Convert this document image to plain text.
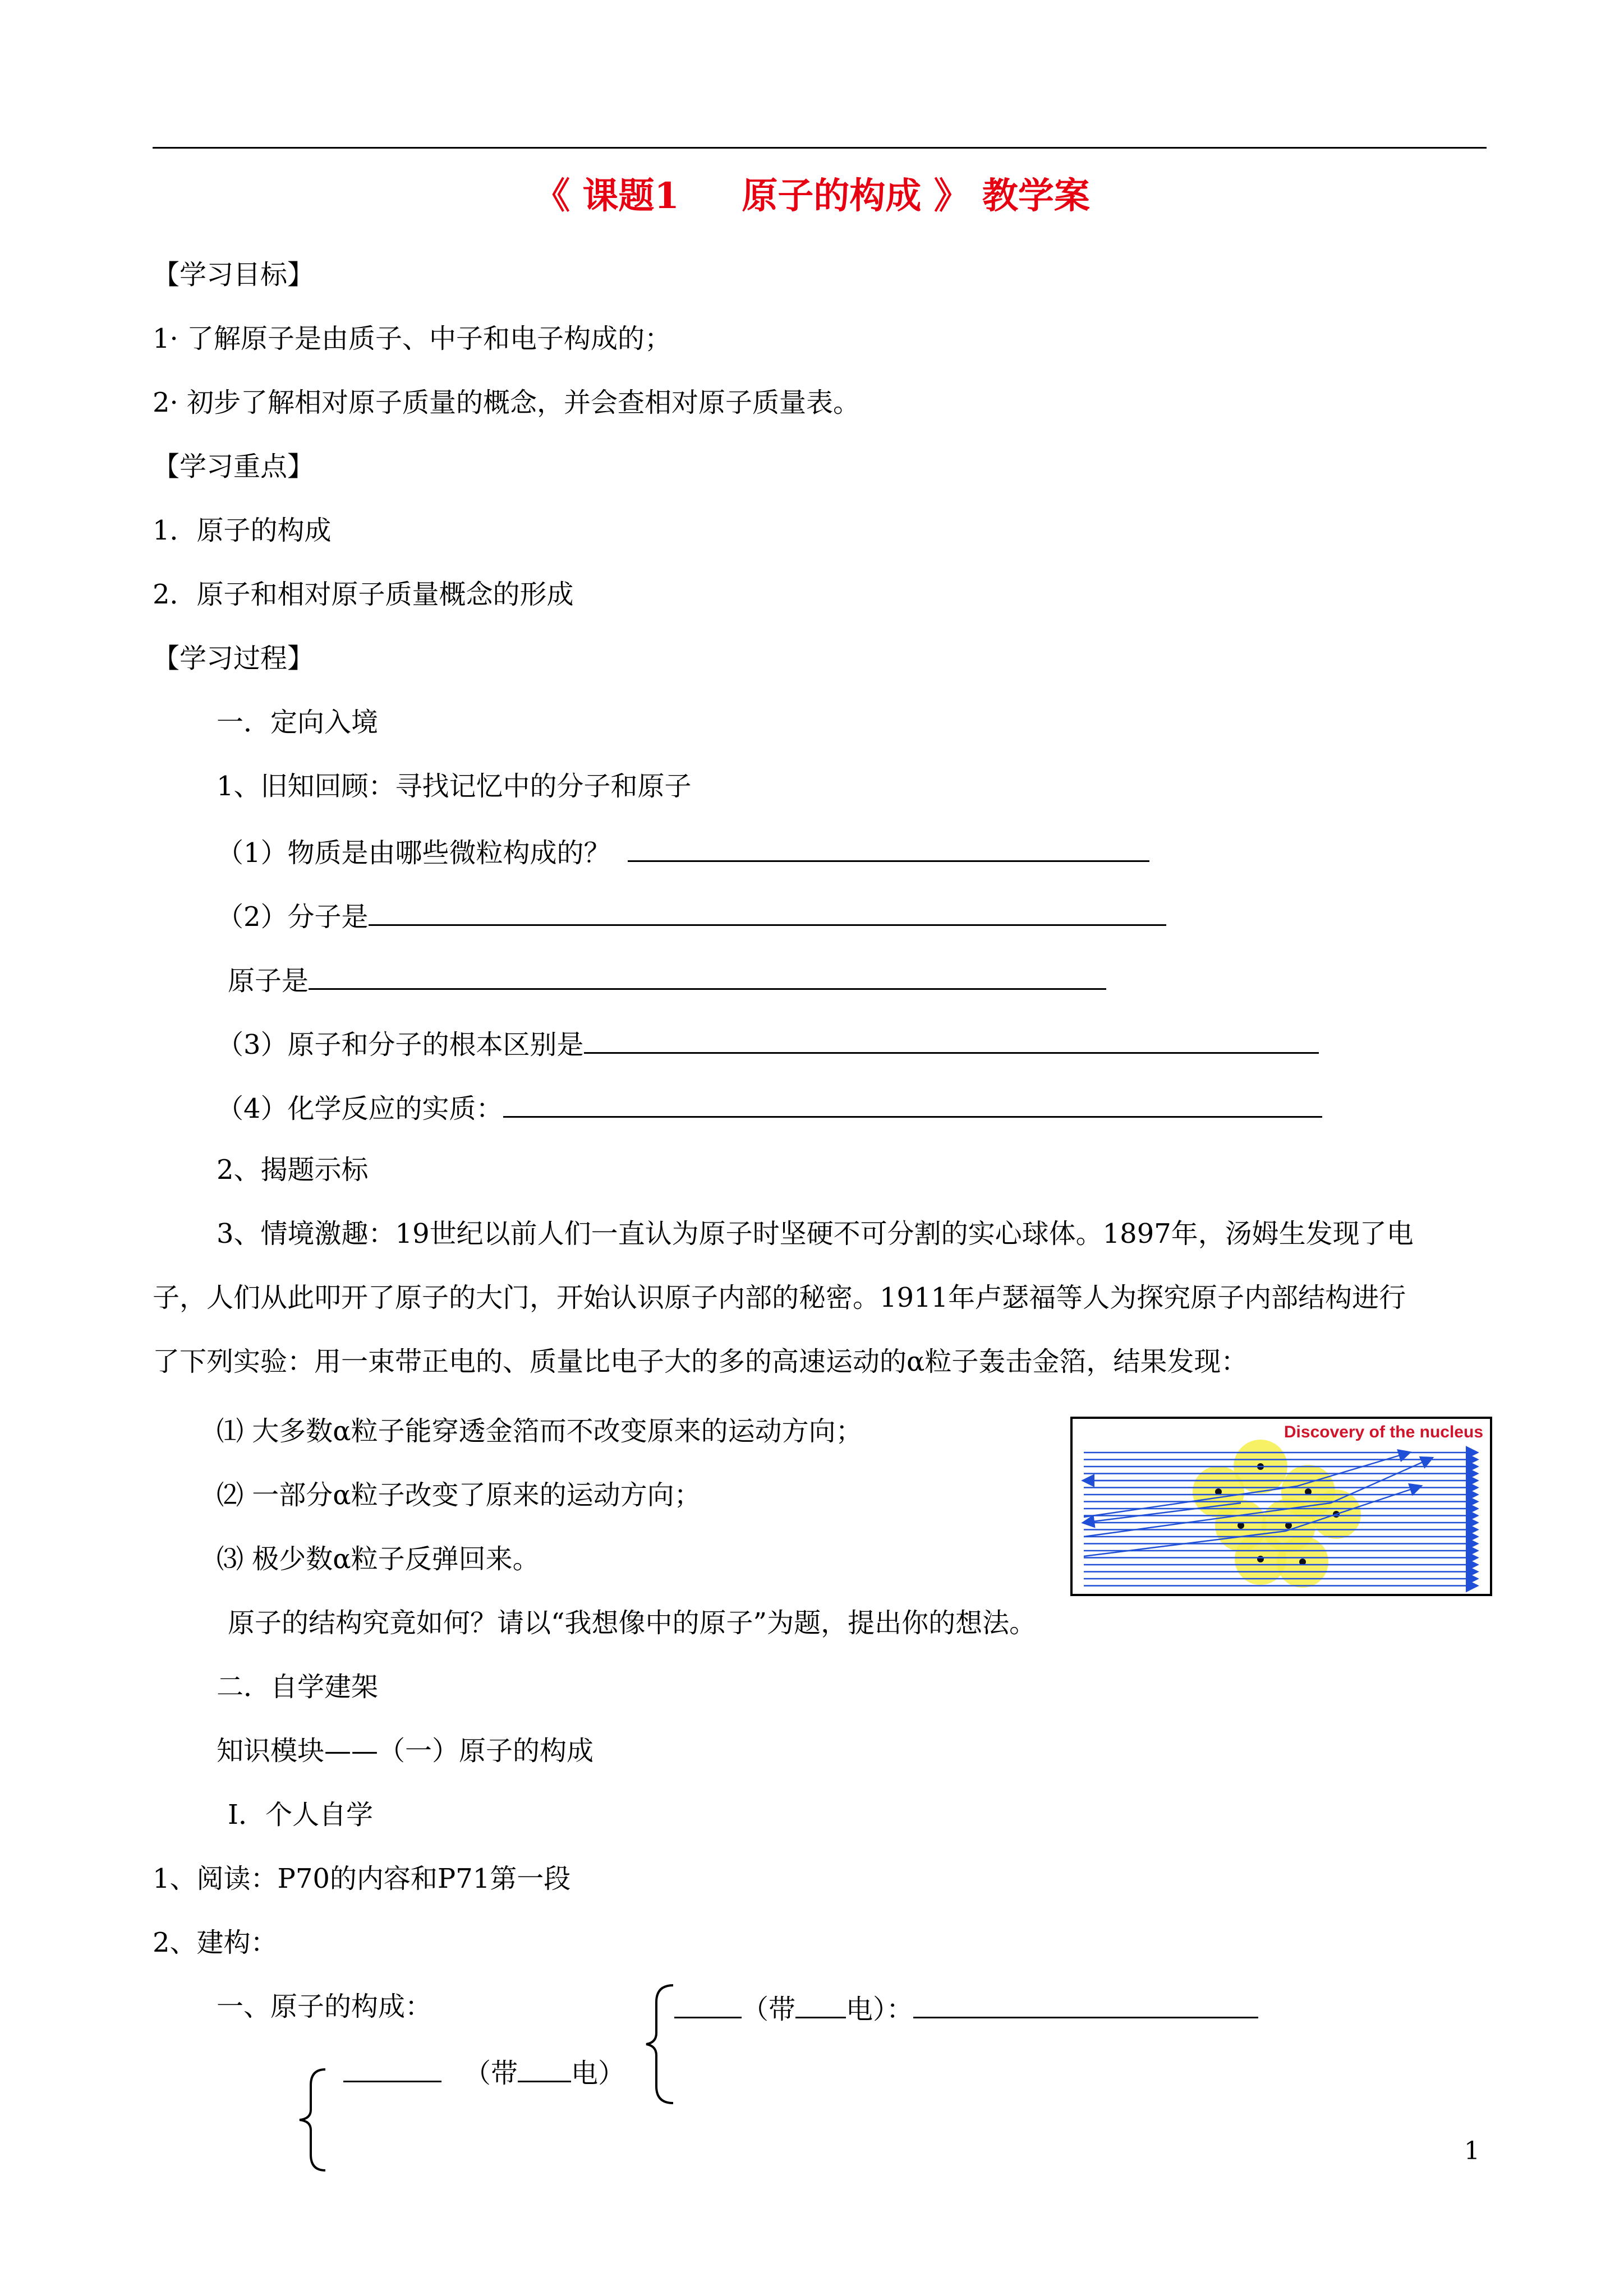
《 课题1     原子的构成 》 教学案
【学习目标】
1· 了解原子是由质子、中子和电子构成的；
2· 初步了解相对原子质量的概念，并会查相对原子质量表。
【学习重点】
1．原子的构成
2．原子和相对原子质量概念的形成
【学习过程】
一．定向入境
1、旧知回顾：寻找记忆中的分子和原子
（1）物质是由哪些微粒构成的？
（2）分子是
原子是
（3）原子和分子的根本区别是
（4）化学反应的实质：
2、揭题示标
3、情境激趣：19世纪以前人们一直认为原子时坚硬不可分割的实心球体。1897年，汤姆生发现了电
子，人们从此叩开了原子的大门，开始认识原子内部的秘密。1911年卢瑟福等人为探究原子内部结构进行
了下列实验：用一束带正电的、质量比电子大的多的高速运动的α粒子轰击金箔，结果发现：
⑴ 大多数α粒子能穿透金箔而不改变原来的运动方向；
⑵ 一部分α粒子改变了原来的运动方向；
⑶ 极少数α粒子反弹回来。
Discovery of the nucleus
原子的结构究竟如何？请以“我想像中的原子”为题，提出你的想法。
二．自学建架
知识模块——（一）原子的构成
Ⅰ．个人自学
1、阅读：P70的内容和P71第一段
2、建构：
一、原子的构成：	（带 电）：
（带 电）
1
